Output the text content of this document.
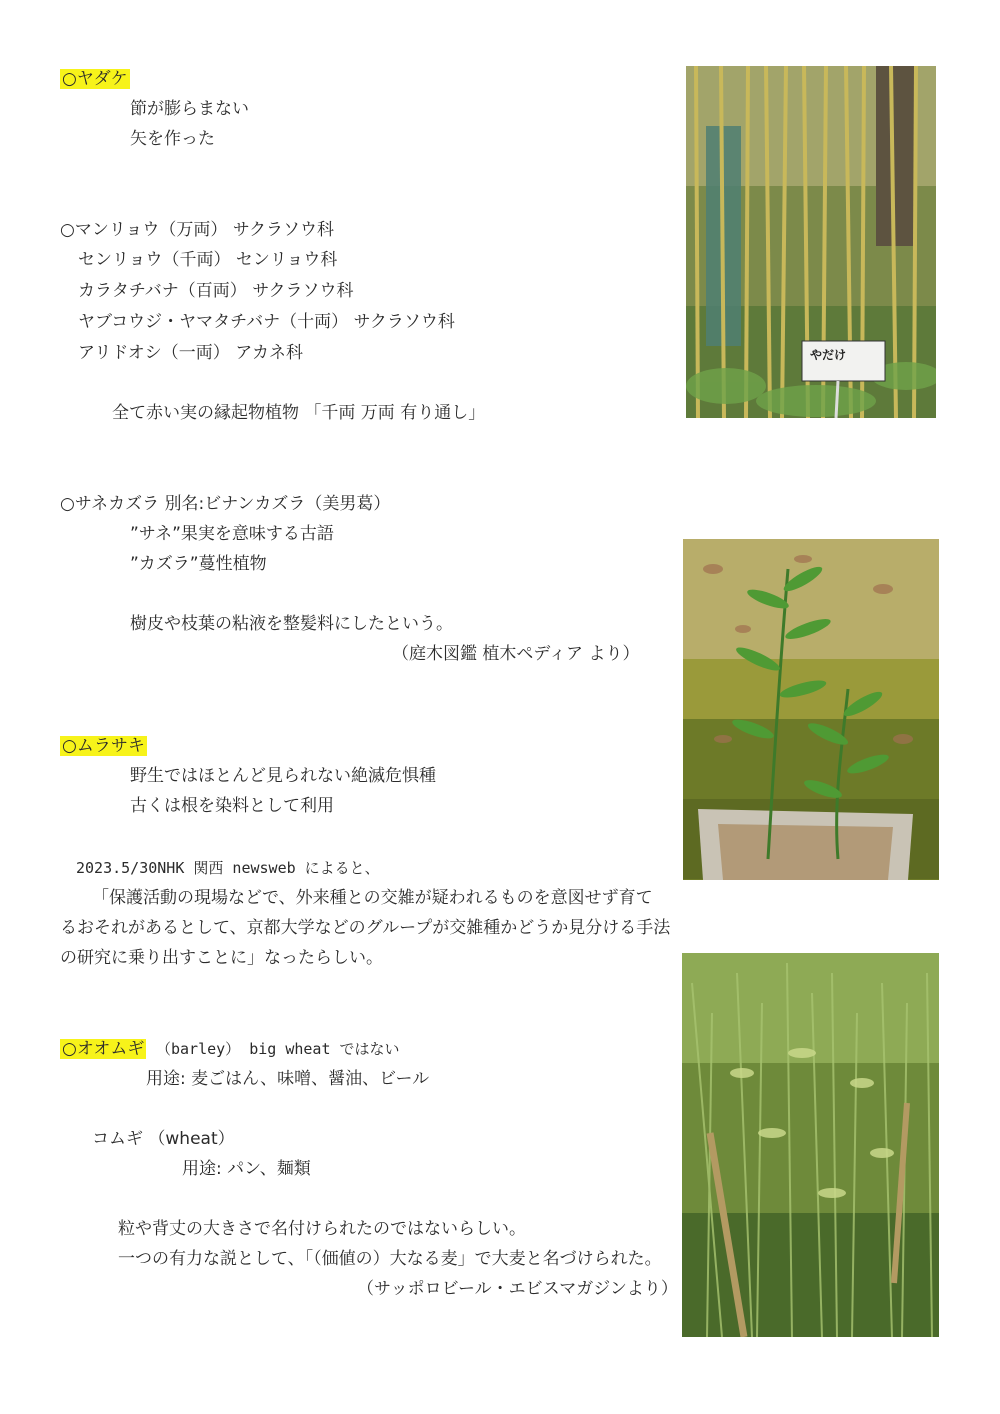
○ヤダケ
節が膨らまない
矢を作った
○マンリョウ（万両） サクラソウ科
センリョウ（千両） センリョウ科
カラタチバナ（百両） サクラソウ科
ヤブコウジ・ヤマタチバナ（十両） サクラソウ科
アリドオシ（一両） アカネ科
全て赤い実の縁起物植物 「千両 万両 有り通し」
○サネカズラ 別名:ビナンカズラ（美男葛）
”サネ”果実を意味する古語
”カズラ”蔓性植物
樹皮や枝葉の粘液を整髪料にしたという。
（庭木図鑑 植木ペディア より）
○ムラサキ
野生ではほとんど見られない絶滅危惧種
古くは根を染料として利用
2023.5/30NHK 関西 newsweb によると、
「保護活動の現場などで、外来種との交雑が疑われるものを意図せず育て
るおそれがあるとして、京都大学などのグループが交雑種かどうか見分ける手法
の研究に乗り出すことに」なったらしい。
○オオムギ （barley） big wheat ではない
用途: 麦ごはん、味噌、醤油、ビール
コムギ （wheat）
用途: パン、麺類
粒や背丈の大きさで名付けられたのではないらしい。
一つの有力な説として、「（価値の）大なる麦」で大麦と名づけられた。
（サッポロビール・エビスマガジンより）
やだけ
